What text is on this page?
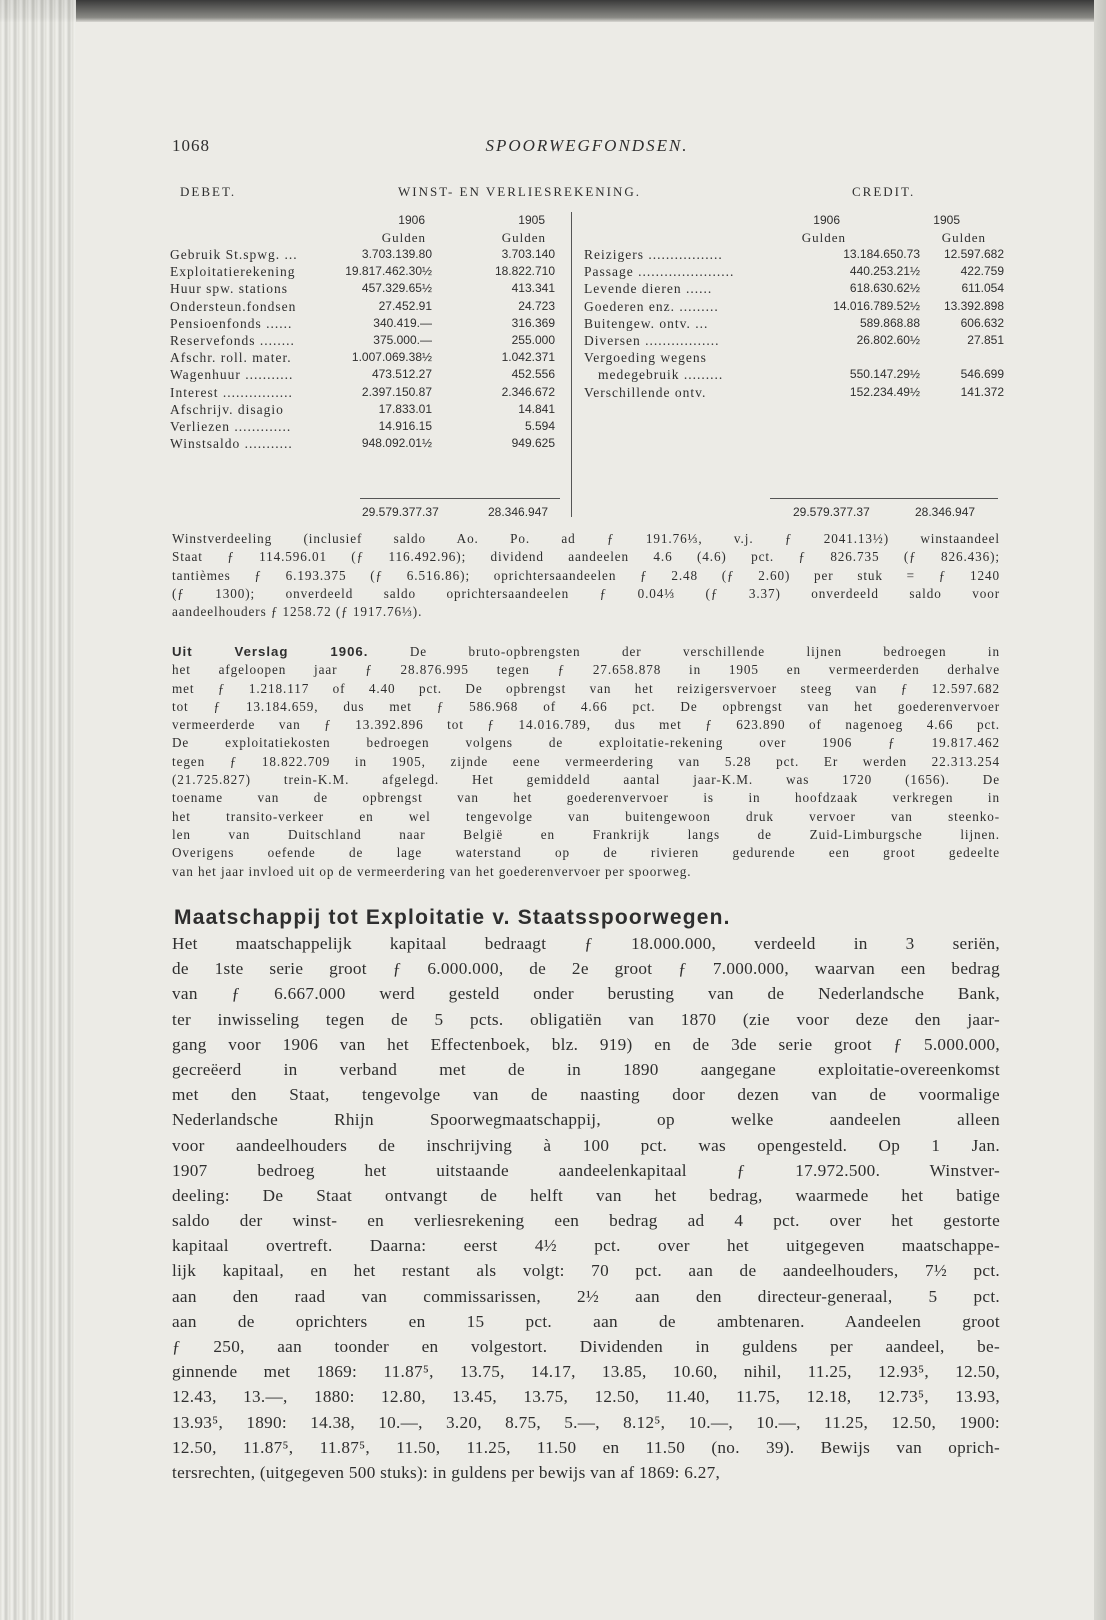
1068	SPOORWEGFONDSEN.
DEBET.	WINST- EN VERLIESREKENING.	CREDIT.
1906	1905
Gulden	Gulden
1906	1905
Gulden	Gulden
Gebruik St.spwg. ...	3.703.139.80	3.703.140
Exploitatierekening	19.817.462.30½	18.822.710
Huur spw. stations	457.329.65½	413.341
Ondersteun.fondsen	27.452.91	24.723
Pensioenfonds ......	340.419.—	316.369
Reservefonds ........	375.000.—	255.000
Afschr. roll. mater.	1.007.069.38½	1.042.371
Wagenhuur ...........	473.512.27	452.556
Interest ................	2.397.150.87	2.346.672
Afschrijv. disagio	17.833.01	14.841
Verliezen .............	14.916.15	5.594
Winstsaldo ...........	948.092.01½	949.625
Reizigers .................	13.184.650.73	12.597.682
Passage ......................	440.253.21½	422.759
Levende dieren ......	618.630.62½	611.054
Goederen enz. .........	14.016.789.52½	13.392.898
Buitengew. ontv. ...	589.868.88	606.632
Diversen .................	26.802.60½	27.851
Vergoeding wegens
medegebruik .........	550.147.29½	546.699
Verschillende ontv.	152.234.49½	141.372
29.579.377.37	28.346.947	29.579.377.37	28.346.947
Winstverdeeling (inclusief saldo Ao. Po. ad ƒ 191.76⅓, v.j. ƒ 2041.13½) winstaandeel
Staat ƒ 114.596.01 (ƒ 116.492.96); dividend aandeelen 4.6 (4.6) pct. ƒ 826.735 (ƒ 826.436);
tantièmes ƒ 6.193.375 (ƒ 6.516.86); oprichtersaandeelen ƒ 2.48 (ƒ 2.60) per stuk = ƒ 1240
(ƒ 1300); onverdeeld saldo oprichtersaandeelen ƒ 0.04⅓ (ƒ 3.37) onverdeeld saldo voor
aandeelhouders ƒ 1258.72 (ƒ 1917.76⅓).
Uit Verslag 1906. De bruto-opbrengsten der verschillende lijnen bedroegen in
het afgeloopen jaar ƒ 28.876.995 tegen ƒ 27.658.878 in 1905 en vermeerderden derhalve
met ƒ 1.218.117 of 4.40 pct. De opbrengst van het reizigersvervoer steeg van ƒ 12.597.682
tot ƒ 13.184.659, dus met ƒ 586.968 of 4.66 pct. De opbrengst van het goederenvervoer
vermeerderde van ƒ 13.392.896 tot ƒ 14.016.789, dus met ƒ 623.890 of nagenoeg 4.66 pct.
De exploitatiekosten bedroegen volgens de exploitatie-rekening over 1906 ƒ 19.817.462
tegen ƒ 18.822.709 in 1905, zijnde eene vermeerdering van 5.28 pct. Er werden 22.313.254
(21.725.827) trein-K.M. afgelegd. Het gemiddeld aantal jaar-K.M. was 1720 (1656). De
toename van de opbrengst van het goederenvervoer is in hoofdzaak verkregen in
het transito-verkeer en wel tengevolge van buitengewoon druk vervoer van steenko-
len van Duitschland naar België en Frankrijk langs de Zuid-Limburgsche lijnen.
Overigens oefende de lage waterstand op de rivieren gedurende een groot gedeelte
van het jaar invloed uit op de vermeerdering van het goederenvervoer per spoorweg.
Maatschappij tot Exploitatie v. Staatsspoorwegen.
Het maatschappelijk kapitaal bedraagt ƒ 18.000.000, verdeeld in 3 seriën,
de 1ste serie groot ƒ 6.000.000, de 2e groot ƒ 7.000.000, waarvan een bedrag
van ƒ 6.667.000 werd gesteld onder berusting van de Nederlandsche Bank,
ter inwisseling tegen de 5 pcts. obligatiën van 1870 (zie voor deze den jaar-
gang voor 1906 van het Effectenboek, blz. 919) en de 3de serie groot ƒ 5.000.000,
gecreëerd in verband met de in 1890 aangegane exploitatie-overeenkomst
met den Staat, tengevolge van de naasting door dezen van de voormalige
Nederlandsche Rhijn Spoorwegmaatschappij, op welke aandeelen alleen
voor aandeelhouders de inschrijving à 100 pct. was opengesteld. Op 1 Jan.
1907 bedroeg het uitstaande aandeelenkapitaal ƒ 17.972.500. Winstver-
deeling: De Staat ontvangt de helft van het bedrag, waarmede het batige
saldo der winst- en verliesrekening een bedrag ad 4 pct. over het gestorte
kapitaal overtreft. Daarna: eerst 4½ pct. over het uitgegeven maatschappe-
lijk kapitaal, en het restant als volgt: 70 pct. aan de aandeelhouders, 7½ pct.
aan den raad van commissarissen, 2½ aan den directeur-generaal, 5 pct.
aan de oprichters en 15 pct. aan de ambtenaren. Aandeelen groot
ƒ 250, aan toonder en volgestort. Dividenden in guldens per aandeel, be-
ginnende met 1869: 11.87⁵, 13.75, 14.17, 13.85, 10.60, nihil, 11.25, 12.93⁵, 12.50,
12.43, 13.—, 1880: 12.80, 13.45, 13.75, 12.50, 11.40, 11.75, 12.18, 12.73⁵, 13.93,
13.93⁵, 1890: 14.38, 10.—, 3.20, 8.75, 5.—, 8.12⁵, 10.—, 10.—, 11.25, 12.50, 1900:
12.50, 11.87⁵, 11.87⁵, 11.50, 11.25, 11.50 en 11.50 (no. 39). Bewijs van oprich-
tersrechten, (uitgegeven 500 stuks): in guldens per bewijs van af 1869: 6.27,
